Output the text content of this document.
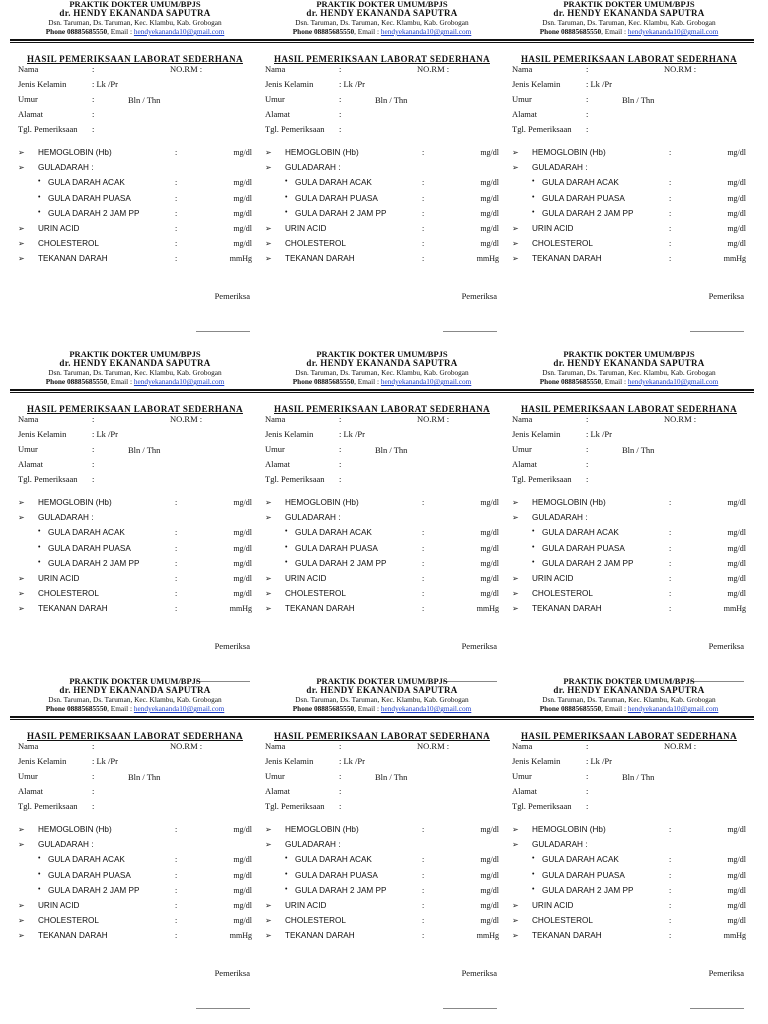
PRAKTIK DOKTER UMUM/BPJS
dr. HENDY EKANANDA SAPUTRA
Dsn. Taruman, Ds. Taruman, Kec. Klambu, Kab. Grobogan
Phone 08885685550, Email : hendyekananda10@gmail.com
HASIL PEMERIKSAAN LABORAT SEDERHANA
Nama	:	NO.RM :
Jenis Kelamin	: Lk /Pr
Umur	:	Bln / Thn
Alamat	:
Tgl. Pemeriksaan :
➢	HEMOGLOBIN (Hb)	:	mg/dl
➢	GULADARAH :
• GULA DARAH ACAK	:	mg/dl
• GULA DARAH PUASA	:	mg/dl
• GULA DARAH 2 JAM PP	:	mg/dl
➢	URIN ACID	:	mg/dl
➢	CHOLESTEROL	:	mg/dl
➢	TEKANAN DARAH	:	mmHg
Pemeriksa
PRAKTIK DOKTER UMUM/BPJS
dr. HENDY EKANANDA SAPUTRA
Dsn. Taruman, Ds. Taruman, Kec. Klambu, Kab. Grobogan
Phone 08885685550, Email : hendyekananda10@gmail.com
HASIL PEMERIKSAAN LABORAT SEDERHANA
Nama	:	NO.RM :
Jenis Kelamin	: Lk /Pr
Umur	:	Bln / Thn
Alamat	:
Tgl. Pemeriksaan :
➢	HEMOGLOBIN (Hb)	:	mg/dl
➢	GULADARAH :
• GULA DARAH ACAK	:	mg/dl
• GULA DARAH PUASA	:	mg/dl
• GULA DARAH 2 JAM PP	:	mg/dl
➢	URIN ACID	:	mg/dl
➢	CHOLESTEROL	:	mg/dl
➢	TEKANAN DARAH	:	mmHg
Pemeriksa
PRAKTIK DOKTER UMUM/BPJS
dr. HENDY EKANANDA SAPUTRA
Dsn. Taruman, Ds. Taruman, Kec. Klambu, Kab. Grobogan
Phone 08885685550, Email : hendyekananda10@gmail.com
HASIL PEMERIKSAAN LABORAT SEDERHANA
Nama	:	NO.RM :
Jenis Kelamin	: Lk /Pr
Umur	:	Bln / Thn
Alamat	:
Tgl. Pemeriksaan :
➢	HEMOGLOBIN (Hb)	:	mg/dl
➢	GULADARAH :
• GULA DARAH ACAK	:	mg/dl
• GULA DARAH PUASA	:	mg/dl
• GULA DARAH 2 JAM PP	:	mg/dl
➢	URIN ACID	:	mg/dl
➢	CHOLESTEROL	:	mg/dl
➢	TEKANAN DARAH	:	mmHg
Pemeriksa
PRAKTIK DOKTER UMUM/BPJS
dr. HENDY EKANANDA SAPUTRA
Dsn. Taruman, Ds. Taruman, Kec. Klambu, Kab. Grobogan
Phone 08885685550, Email : hendyekananda10@gmail.com
HASIL PEMERIKSAAN LABORAT SEDERHANA
Nama	:	NO.RM :
Jenis Kelamin	: Lk /Pr
Umur	:	Bln / Thn
Alamat	:
Tgl. Pemeriksaan :
➢	HEMOGLOBIN (Hb)	:	mg/dl
➢	GULADARAH :
• GULA DARAH ACAK	:	mg/dl
• GULA DARAH PUASA	:	mg/dl
• GULA DARAH 2 JAM PP	:	mg/dl
➢	URIN ACID	:	mg/dl
➢	CHOLESTEROL	:	mg/dl
➢	TEKANAN DARAH	:	mmHg
Pemeriksa
PRAKTIK DOKTER UMUM/BPJS
dr. HENDY EKANANDA SAPUTRA
Dsn. Taruman, Ds. Taruman, Kec. Klambu, Kab. Grobogan
Phone 08885685550, Email : hendyekananda10@gmail.com
HASIL PEMERIKSAAN LABORAT SEDERHANA
Nama	:	NO.RM :
Jenis Kelamin	: Lk /Pr
Umur	:	Bln / Thn
Alamat	:
Tgl. Pemeriksaan :
➢	HEMOGLOBIN (Hb)	:	mg/dl
➢	GULADARAH :
• GULA DARAH ACAK	:	mg/dl
• GULA DARAH PUASA	:	mg/dl
• GULA DARAH 2 JAM PP	:	mg/dl
➢	URIN ACID	:	mg/dl
➢	CHOLESTEROL	:	mg/dl
➢	TEKANAN DARAH	:	mmHg
Pemeriksa
PRAKTIK DOKTER UMUM/BPJS
dr. HENDY EKANANDA SAPUTRA
Dsn. Taruman, Ds. Taruman, Kec. Klambu, Kab. Grobogan
Phone 08885685550, Email : hendyekananda10@gmail.com
HASIL PEMERIKSAAN LABORAT SEDERHANA
Nama	:	NO.RM :
Jenis Kelamin	: Lk /Pr
Umur	:	Bln / Thn
Alamat	:
Tgl. Pemeriksaan :
➢	HEMOGLOBIN (Hb)	:	mg/dl
➢	GULADARAH :
• GULA DARAH ACAK	:	mg/dl
• GULA DARAH PUASA	:	mg/dl
• GULA DARAH 2 JAM PP	:	mg/dl
➢	URIN ACID	:	mg/dl
➢	CHOLESTEROL	:	mg/dl
➢	TEKANAN DARAH	:	mmHg
Pemeriksa
PRAKTIK DOKTER UMUM/BPJS
dr. HENDY EKANANDA SAPUTRA
Dsn. Taruman, Ds. Taruman, Kec. Klambu, Kab. Grobogan
Phone 08885685550, Email : hendyekananda10@gmail.com
HASIL PEMERIKSAAN LABORAT SEDERHANA
Nama	:	NO.RM :
Jenis Kelamin	: Lk /Pr
Umur	:	Bln / Thn
Alamat	:
Tgl. Pemeriksaan :
➢	HEMOGLOBIN (Hb)	:	mg/dl
➢	GULADARAH :
• GULA DARAH ACAK	:	mg/dl
• GULA DARAH PUASA	:	mg/dl
• GULA DARAH 2 JAM PP	:	mg/dl
➢	URIN ACID	:	mg/dl
➢	CHOLESTEROL	:	mg/dl
➢	TEKANAN DARAH	:	mmHg
Pemeriksa
PRAKTIK DOKTER UMUM/BPJS
dr. HENDY EKANANDA SAPUTRA
Dsn. Taruman, Ds. Taruman, Kec. Klambu, Kab. Grobogan
Phone 08885685550, Email : hendyekananda10@gmail.com
HASIL PEMERIKSAAN LABORAT SEDERHANA
Nama	:	NO.RM :
Jenis Kelamin	: Lk /Pr
Umur	:	Bln / Thn
Alamat	:
Tgl. Pemeriksaan :
➢	HEMOGLOBIN (Hb)	:	mg/dl
➢	GULADARAH :
• GULA DARAH ACAK	:	mg/dl
• GULA DARAH PUASA	:	mg/dl
• GULA DARAH 2 JAM PP	:	mg/dl
➢	URIN ACID	:	mg/dl
➢	CHOLESTEROL	:	mg/dl
➢	TEKANAN DARAH	:	mmHg
Pemeriksa
PRAKTIK DOKTER UMUM/BPJS
dr. HENDY EKANANDA SAPUTRA
Dsn. Taruman, Ds. Taruman, Kec. Klambu, Kab. Grobogan
Phone 08885685550, Email : hendyekananda10@gmail.com
HASIL PEMERIKSAAN LABORAT SEDERHANA
Nama	:	NO.RM :
Jenis Kelamin	: Lk /Pr
Umur	:	Bln / Thn
Alamat	:
Tgl. Pemeriksaan :
➢	HEMOGLOBIN (Hb)	:	mg/dl
➢	GULADARAH :
• GULA DARAH ACAK	:	mg/dl
• GULA DARAH PUASA	:	mg/dl
• GULA DARAH 2 JAM PP	:	mg/dl
➢	URIN ACID	:	mg/dl
➢	CHOLESTEROL	:	mg/dl
➢	TEKANAN DARAH	:	mmHg
Pemeriksa
